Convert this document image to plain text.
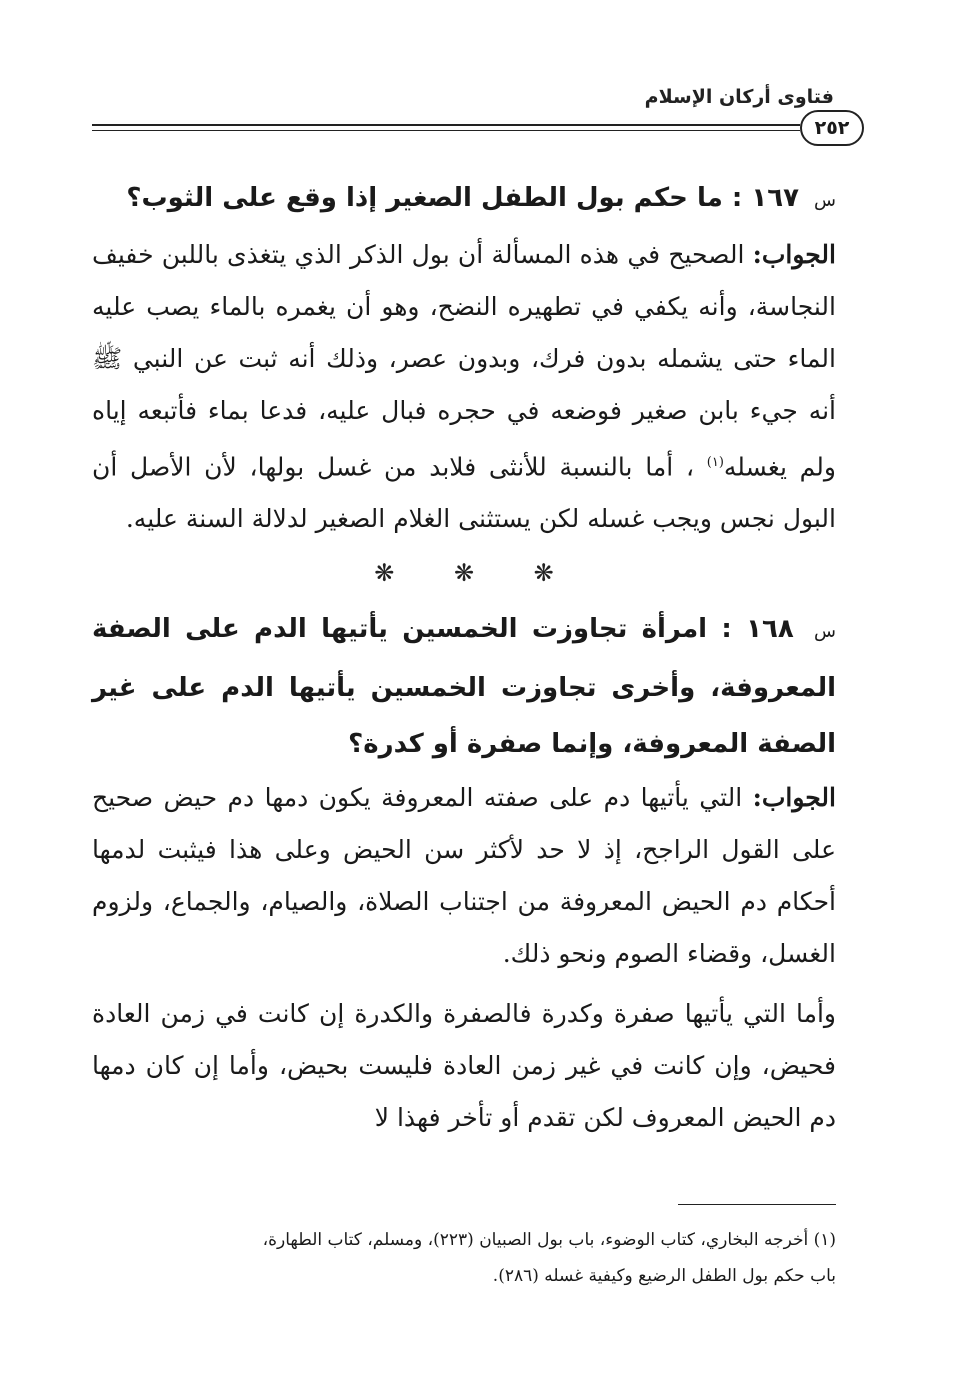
فتاوى أركان الإسلام
٢٥٢

س ١٦٧ : ما حكم بول الطفل الصغير إذا وقع على الثوب؟

الجواب: الصحيح في هذه المسألة أن بول الذكر الذي يتغذى باللبن خفيف النجاسة، وأنه يكفي في تطهيره النضح، وهو أن يغمره بالماء يصب عليه الماء حتى يشمله بدون فرك، وبدون عصر، وذلك أنه ثبت عن النبي ﷺ أنه جيء بابن صغير فوضعه في حجره فبال عليه، فدعا بماء فأتبعه إياه ولم يغسله$^{(١)}$ ، أما بالنسبة للأنثى فلابد من غسل بولها، لأن الأصل أن البول نجس ويجب غسله لكن يستثنى الغلام الصغير لدلالة السنة عليه.

❋ ❋ ❋

س ١٦٨ : امرأة تجاوزت الخمسين يأتيها الدم على الصفة المعروفة، وأخرى تجاوزت الخمسين يأتيها الدم على غير الصفة المعروفة، وإنما صفرة أو كدرة؟

الجواب: التي يأتيها دم على صفته المعروفة يكون دمها دم حيض صحيح على القول الراجح، إذ لا حد لأكثر سن الحيض وعلى هذا فيثبت لدمها أحكام دم الحيض المعروفة من اجتناب الصلاة، والصيام، والجماع، ولزوم الغسل، وقضاء الصوم ونحو ذلك.

وأما التي يأتيها صفرة وكدرة فالصفرة والكدرة إن كانت في زمن العادة فحيض، وإن كانت في غير زمن العادة فليست بحيض، وأما إن كان دمها دم الحيض المعروف لكن تقدم أو تأخر فهذا لا

(١) أخرجه البخاري، كتاب الوضوء، باب بول الصبيان (٢٢٣)، ومسلم، كتاب الطهارة،
باب حكم بول الطفل الرضيع وكيفية غسله (٢٨٦).
